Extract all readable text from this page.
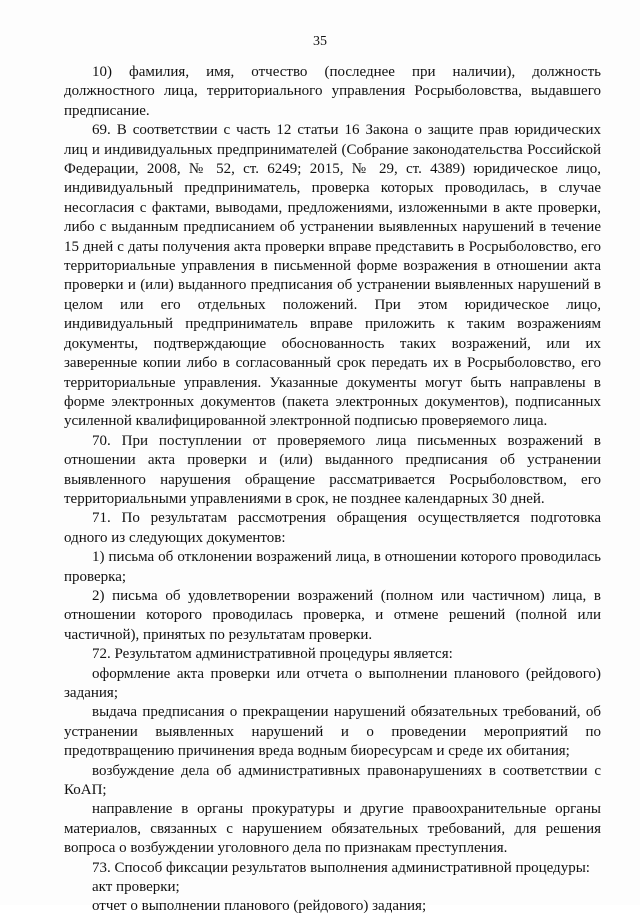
35

10) фамилия, имя, отчество (последнее при наличии), должность должностного лица, территориального управления Росрыболовства, выдавшего предписание.

69. В соответствии с часть 12 статьи 16 Закона о защите прав юридических лиц и индивидуальных предпринимателей (Собрание законодательства Российской Федерации, 2008, № 52, ст. 6249; 2015, № 29, ст. 4389) юридическое лицо, индивидуальный предприниматель, проверка которых проводилась, в случае несогласия с фактами, выводами, предложениями, изложенными в акте проверки, либо с выданным предписанием об устранении выявленных нарушений в течение 15 дней с даты получения акта проверки вправе представить в Росрыболовство, его территориальные управления в письменной форме возражения в отношении акта проверки и (или) выданного предписания об устранении выявленных нарушений в целом или его отдельных положений. При этом юридическое лицо, индивидуальный предприниматель вправе приложить к таким возражениям документы, подтверждающие обоснованность таких возражений, или их заверенные копии либо в согласованный срок передать их в Росрыболовство, его территориальные управления. Указанные документы могут быть направлены в форме электронных документов (пакета электронных документов), подписанных усиленной квалифицированной электронной подписью проверяемого лица.

70. При поступлении от проверяемого лица письменных возражений в отношении акта проверки и (или) выданного предписания об устранении выявленного нарушения обращение рассматривается Росрыболовством, его территориальными управлениями в срок, не позднее календарных 30 дней.

71. По результатам рассмотрения обращения осуществляется подготовка одного из следующих документов:

1) письма об отклонении возражений лица, в отношении которого проводилась проверка;

2) письма об удовлетворении возражений (полном или частичном) лица, в отношении которого проводилась проверка, и отмене решений (полной или частичной), принятых по результатам проверки.

72. Результатом административной процедуры является:

оформление акта проверки или отчета о выполнении планового (рейдового) задания;

выдача предписания о прекращении нарушений обязательных требований, об устранении выявленных нарушений и о проведении мероприятий по предотвращению причинения вреда водным биоресурсам и среде их обитания;

возбуждение дела об административных правонарушениях в соответствии с КоАП;

направление в органы прокуратуры и другие правоохранительные органы материалов, связанных с нарушением обязательных требований, для решения вопроса о возбуждении уголовного дела по признакам преступления.

73. Способ фиксации результатов выполнения административной процедуры:

акт проверки;

отчет о выполнении планового (рейдового) задания;
